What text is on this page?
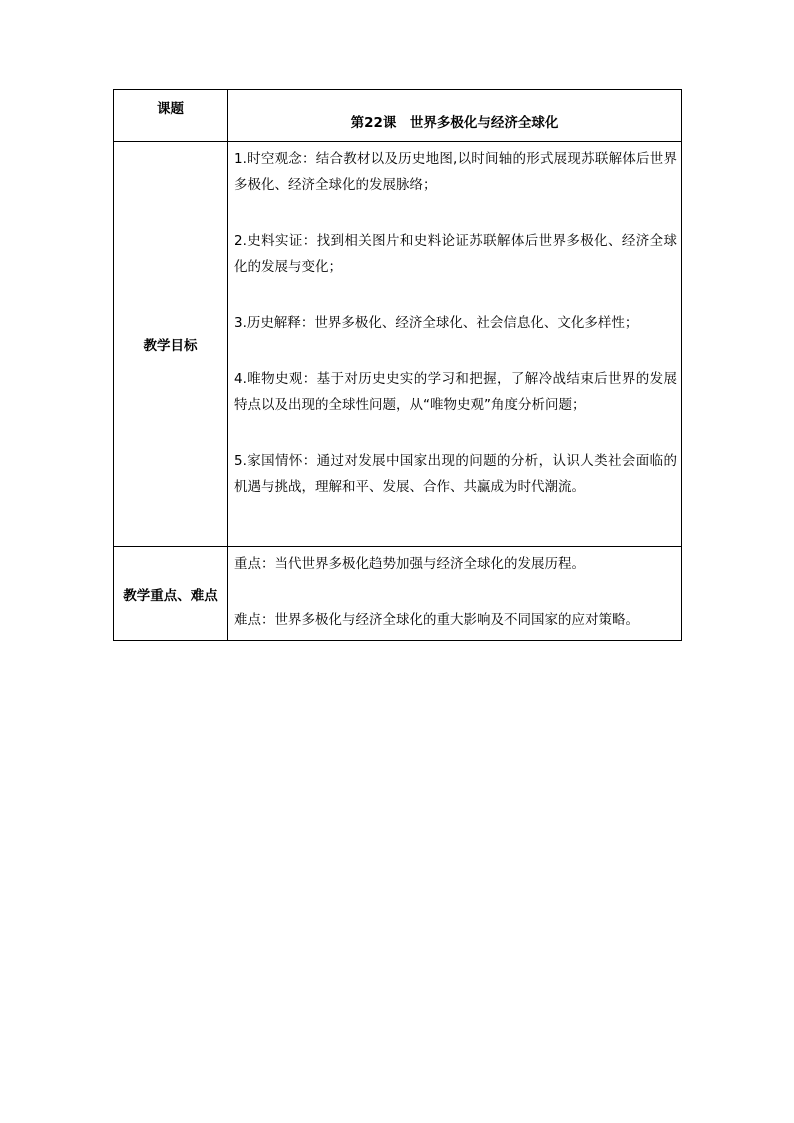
课题	第22课　世界多极化与经济全球化

教学目标	1.时空观念：结合教材以及历史地图,以时间轴的形式展现苏联解体后世界多极化、经济全球化的发展脉络；
2.史料实证：找到相关图片和史料论证苏联解体后世界多极化、经济全球化的发展与变化；
3.历史解释：世界多极化、经济全球化、社会信息化、文化多样性；
4.唯物史观：基于对历史史实的学习和把握，了解冷战结束后世界的发展特点以及出现的全球性问题，从“唯物史观”角度分析问题；
5.家国情怀：通过对发展中国家出现的问题的分析，认识人类社会面临的机遇与挑战，理解和平、发展、合作、共赢成为时代潮流。

教学重点、难点	重点：当代世界多极化趋势加强与经济全球化的发展历程。
难点：世界多极化与经济全球化的重大影响及不同国家的应对策略。
